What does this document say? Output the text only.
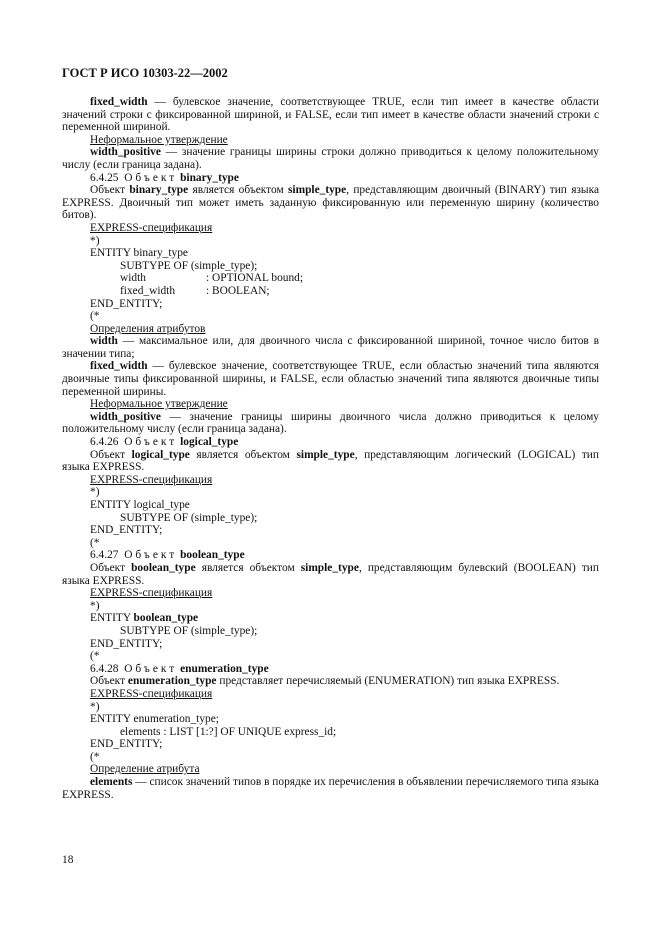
ГОСТ Р ИСО 10303-22—2002

fixed_width — булевское значение, соответствующее TRUE, если тип имеет в качестве области значений строки с фиксированной шириной, и FALSE, если тип имеет в качестве области значений строки с переменной шириной.

Неформальное утверждение

width_positive — значение границы ширины строки должно приводиться к целому положительному числу (если граница задана).

6.4.25 Объект binary_type

Объект binary_type является объектом simple_type, представляющим двоичный (BINARY) тип языка EXPRESS. Двоичный тип может иметь заданную фиксированную или переменную ширину (количество битов).

EXPRESS-спецификация

*)

ENTITY binary_type

SUBTYPE OF (simple_type);

width	: OPTIONAL bound;

fixed_width	: BOOLEAN;

END_ENTITY;

(*

Определения атрибутов

width — максимальное или, для двоичного числа с фиксированной шириной, точное число битов в значении типа;

fixed_width — булевское значение, соответствующее TRUE, если областью значений типа являются двоичные типы фиксированной ширины, и FALSE, если областью значений типа являются двоичные типы переменной ширины.

Неформальное утверждение

width_positive — значение границы ширины двоичного числа должно приводиться к целому положительному числу (если граница задана).

6.4.26 Объект logical_type

Объект logical_type является объектом simple_type, представляющим логический (LOGICAL) тип языка EXPRESS.

EXPRESS-спецификация

*)

ENTITY logical_type

SUBTYPE OF (simple_type);

END_ENTITY;

(*

6.4.27 Объект boolean_type

Объект boolean_type является объектом simple_type, представляющим булевский (BOOLEAN) тип языка EXPRESS.

EXPRESS-спецификация

*)

ENTITY boolean_type

SUBTYPE OF (simple_type);

END_ENTITY;

(*

6.4.28 Объект enumeration_type

Объект enumeration_type представляет перечисляемый (ENUMERATION) тип языка EXPRESS.

EXPRESS-спецификация

*)

ENTITY enumeration_type;

elements : LIST [1:?] OF UNIQUE express_id;

END_ENTITY;

(*

Определение атрибута

elements — список значений типов в порядке их перечисления в объявлении перечисляемого типа языка EXPRESS.

18
